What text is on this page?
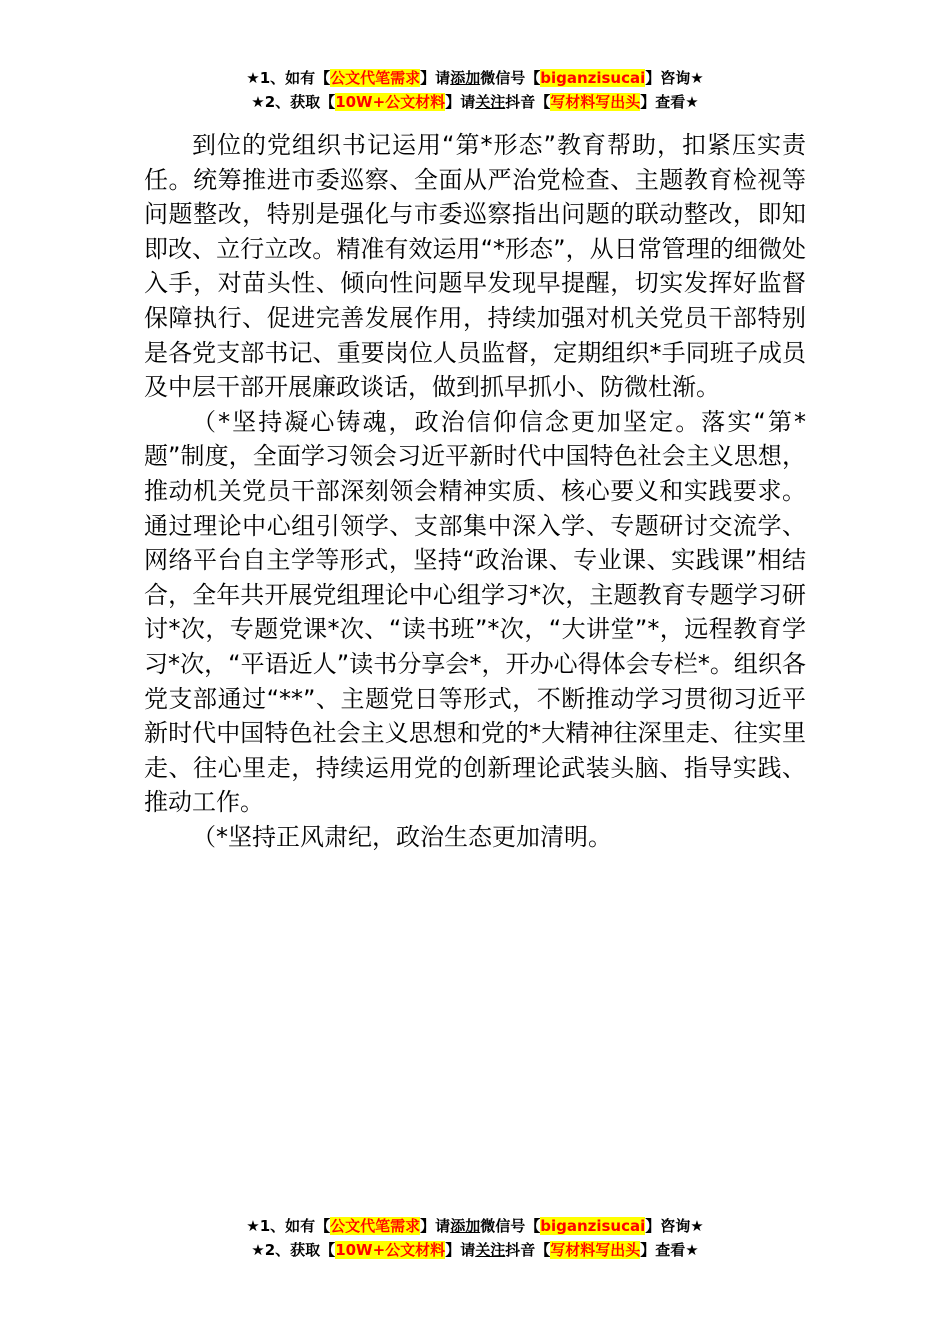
★1、如有【公文代笔需求】请添加微信号【biganzisucai】咨询★
★2、获取【10W+公文材料】请关注抖音【写材料写出头】查看★

到位的党组织书记运用“第*形态”教育帮助，扣紧压实责任。统筹推进市委巡察、全面从严治党检查、主题教育检视等问题整改，特别是强化与市委巡察指出问题的联动整改，即知即改、立行立改。精准有效运用“*形态”，从日常管理的细微处入手，对苗头性、倾向性问题早发现早提醒，切实发挥好监督保障执行、促进完善发展作用，持续加强对机关党员干部特别是各党支部书记、重要岗位人员监督，定期组织*手同班子成员及中层干部开展廉政谈话，做到抓早抓小、防微杜渐。

（*坚持凝心铸魂，政治信仰信念更加坚定。落实“第*题”制度，全面学习领会习近平新时代中国特色社会主义思想，推动机关党员干部深刻领会精神实质、核心要义和实践要求。通过理论中心组引领学、支部集中深入学、专题研讨交流学、网络平台自主学等形式，坚持“政治课、专业课、实践课”相结合，全年共开展党组理论中心组学习*次，主题教育专题学习研讨*次，专题党课*次、“读书班”*次，“大讲堂”*，远程教育学习*次，“平语近人”读书分享会*，开办心得体会专栏*。组织各党支部通过“**”、主题党日等形式，不断推动学习贯彻习近平新时代中国特色社会主义思想和党的*大精神往深里走、往实里走、往心里走，持续运用党的创新理论武装头脑、指导实践、推动工作。

（*坚持正风肃纪，政治生态更加清明。

★1、如有【公文代笔需求】请添加微信号【biganzisucai】咨询★
★2、获取【10W+公文材料】请关注抖音【写材料写出头】查看★
